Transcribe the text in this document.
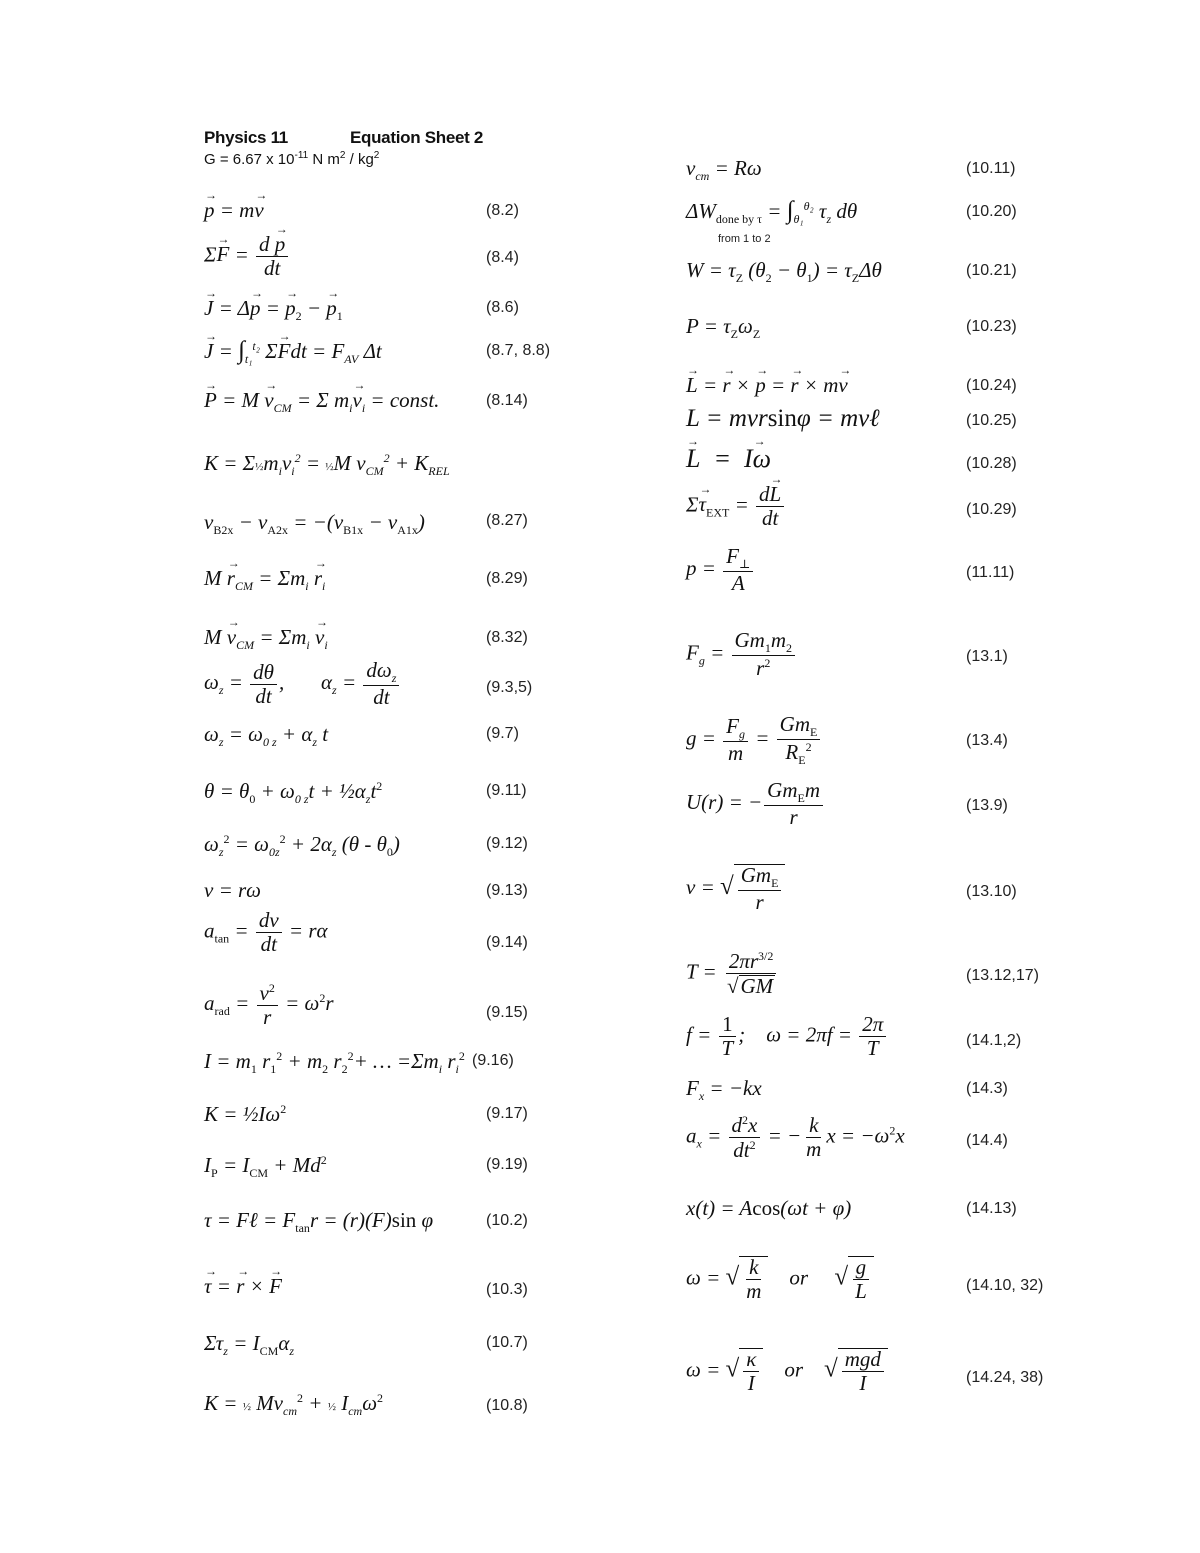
Physics 11	Equation Sheet 2
G = 6.67 x $10^{-11}$ N $m^2 / kg^2$
→ p = m→ v	(8.2)
$\Sigma\to F = \frac{d \to p}{dt}$	(8.4)
→ J = Δ→ p = → $p_2$ − → $p_1$
(8.6)
→ $J = \int_{t_1}^{t_2}$ Σ→ Fdt = $F_{AV}$ Δt	(8.7, 8.8)
→ $P = M \to v_{CM} = \Sigma$ $m_i\to v_i$ = const.	(8.14)
$K = \Sigma\frac{1}{2}m_iv_i^2$ = ½M $v_{CM}^2 + K_{REL}$
$v_{B2x} - v_{A2x} = -(v_{B1x} - v_{A1x})$	(8.27)
$M \to r_{CM} = \Sigma m_i \to r_i$	(8.29)
$M \to v_{CM} = \Sigma m_i \to v_i$	(8.32)
$\omega_z = \frac{d\theta}{dt}$ ,       $\alpha_z = \frac{d\omega_z}{dt}$	(9.3,5)
$\omega_z = \omega_{0 z} + \alpha_z$ t	(9.7)
$\theta = \theta_0 + \omega_{0 z}t$ + $\frac{1}{2}\alpha_zt^2$	(9.11)
$\omega_z^2 = \omega_{0z}^2 + 2\alpha_z$ $(\theta - \theta_0)$	(9.12)
v = rω	(9.13)
$a_{tan} = \frac{dv}{dt} = r\alpha$
(9.14)
$a_{rad} = \frac{v^2}{r} = \omega^2r$	(9.15)
$I = m_1$ $r_1^2 + m_2$ $r_2^2+$ … $=\Sigma m_i$ $r_i^2$ (9.16)
$K = \frac{1}{2}I\omega^2$	(9.17)
$I_P = I_{CM} + Md^2$	(9.19)
τ = Fℓ = $F_{tan}r = (r)(F)\sin$ φ	(10.2)
→ τ = → r × → F	(10.3)
$\Sigma\tau_z = I_{CM}\alpha_z$
(10.7)
K = ½ $Mv_{cm}^2$ + ½ $I_{cm}\omega^2$	(10.8)
$v_{cm} = R\omega$	(10.11)
$\Delta W_{done by \tau} = \int_{\theta_1}^{\theta_2}$ $\tau_z$ dθ
from 1 to 2
(10.20)
$W = \tau_Z$ $(\theta_2 - \theta_1) = \tau_Z\Delta\theta$	(10.21)
$P = \tau_Z\omega_Z$	(10.23)
→ L = → r × → p = → r × m→ v	(10.24)
L = mvrsinφ = mvℓ	(10.25)
→ L  =  I→ ω	(10.28)
$\Sigma\to \tau_{EXT} = \frac{d\to L}{dt}$	(10.29)
$p = \frac{F_\perp}{A}$	(11.11)
$F_g = \frac{Gm_1m_2}{r^2}$	(13.1)
$g = \frac{F_g}{m} = \frac{Gm_E}{R_E^2}$	(13.4)
U(r) = − $\frac{Gm_Em}{r}$	(13.9)
v = √ $\frac{Gm_E}{r}$	(13.10)
$T = \frac{2\pi r^{3/2}}{√GM}$	(13.12,17)
$f = \frac{1}{T}$ ;    $\omega = 2\pi f = \frac{2\pi}{T}$	(14.1,2)
$F_x = -kx$	(14.3)
$a_x = \frac{d^2x}{dt^2}$ = − $\frac{k}{m}$ $x = -\omega^2x$	(14.4)
x(t) = Acos(ωt + φ)	(14.13)
ω = √ $\frac{k}{m}$ or √ $\frac{g}{L}$	(14.10, 32)
ω = √ $\frac{\kappa}{I}$ or √ $\frac{\text{mgd}}{I}$	(14.24, 38)
